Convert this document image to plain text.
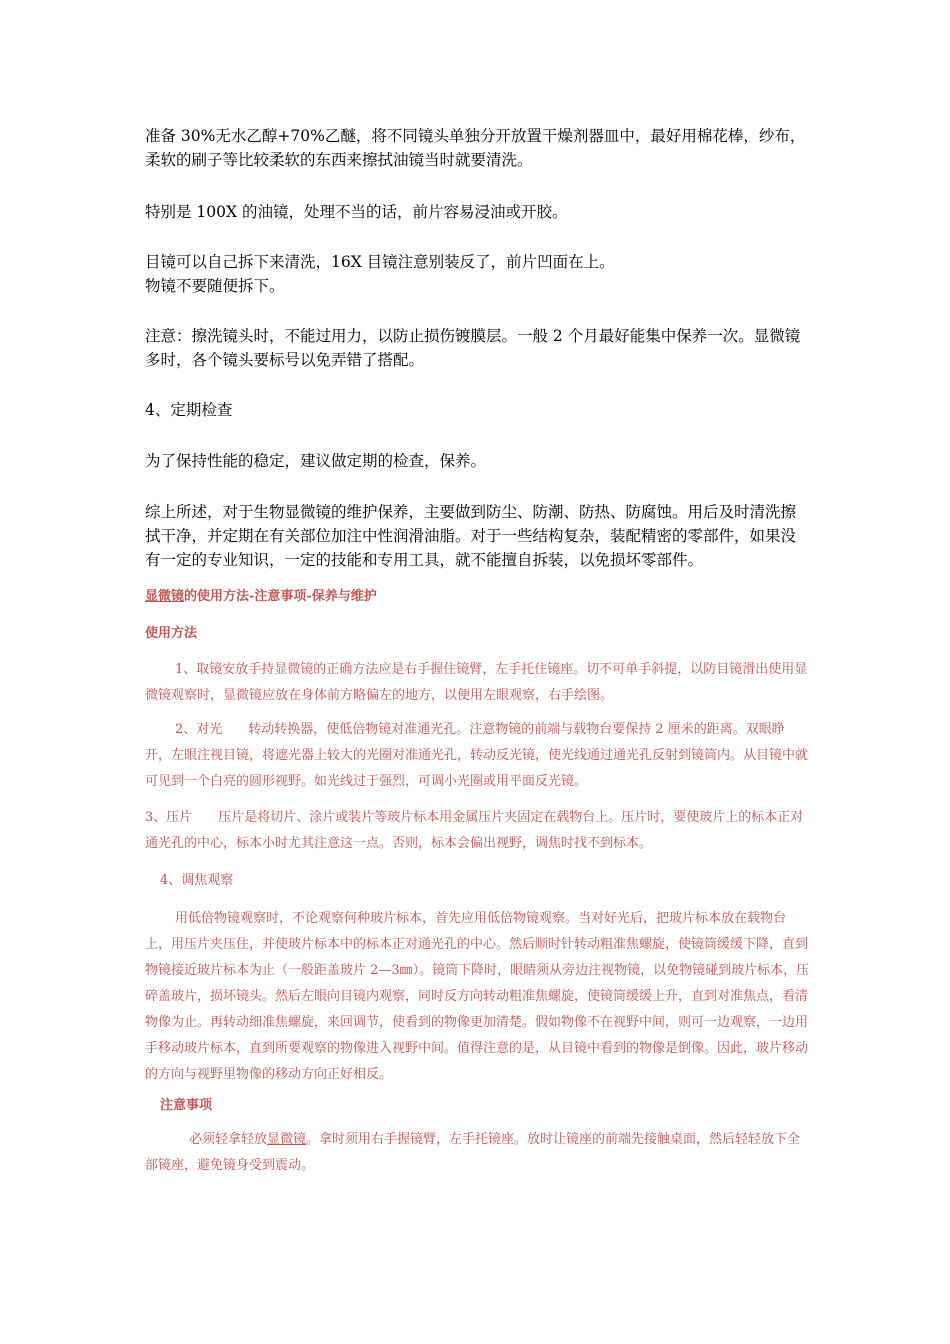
准备 30%无水乙醇+70%乙醚，将不同镜头单独分开放置干燥剂器皿中，最好用棉花棒，纱布，柔软的刷子等比较柔软的东西来擦拭油镜当时就要清洗。

特别是 100X 的油镜，处理不当的话，前片容易浸油或开胶。

目镜可以自己拆下来清洗，16X 目镜注意别装反了，前片凹面在上。

物镜不要随便拆下。

注意：擦洗镜头时，不能过用力，以防止损伤镀膜层。一般 2 个月最好能集中保养一次。显微镜多时，各个镜头要标号以免弄错了搭配。

4、定期检查

为了保持性能的稳定，建议做定期的检查，保养。

综上所述，对于生物显微镜的维护保养，主要做到防尘、防潮、防热、防腐蚀。用后及时清洗擦拭干净，并定期在有关部位加注中性润滑油脂。对于一些结构复杂，装配精密的零部件，如果没有一定的专业知识，一定的技能和专用工具，就不能擅自拆装，以免损坏零部件。

显微镜的使用方法-注意事项-保养与维护

使用方法

1、取镜安放手持显微镜的正确方法应是右手握住镜臂，左手托住镜座。切不可单手斜提，以防目镜滑出使用显微镜观察时，显微镜应放在身体前方略偏左的地方，以便用左眼观察，右手绘图。

2、对光　　转动转换器，使低倍物镜对准通光孔。注意物镜的前端与载物台要保持 2 厘米的距离。双眼睁开，左眼注视目镜，将遮光器上较大的光圈对准通光孔，转动反光镜，使光线通过通光孔反射到镜筒内。从目镜中就可见到一个白亮的圆形视野。如光线过于强烈，可调小光圈或用平面反光镜。

3、压片　　压片是将切片、涂片或装片等玻片标本用金属压片夹固定在载物台上。压片时，要使玻片上的标本正对通光孔的中心，标本小时尤其注意这一点。否则，标本会偏出视野，调焦时找不到标本。

4、调焦观察

用低倍物镜观察时，不论观察何种玻片标本，首先应用低倍物镜观察。当对好光后，把玻片标本放在载物台上，用压片夹压住，并使玻片标本中的标本正对通光孔的中心。然后顺时针转动粗准焦螺旋，使镜筒缓缓下降，直到物镜接近玻片标本为止（一般距盖玻片 2—3㎜）。镜筒下降时，眼睛须从旁边注视物镜，以免物镜碰到玻片标本，压碎盖玻片，损坏镜头。然后左眼向目镜内观察，同时反方向转动粗准焦螺旋，使镜筒缓缓上升，直到对准焦点，看清物像为止。再转动细准焦螺旋，来回调节，使看到的物像更加清楚。假如物像不在视野中间，则可一边观察，一边用手移动玻片标本，直到所要观察的物像进入视野中间。值得注意的是，从目镜中看到的物像是倒像。因此，玻片移动的方向与视野里物像的移动方向正好相反。

注意事项

必须轻拿轻放显微镜。拿时须用右手握镜臂，左手托镜座。放时让镜座的前端先接触桌面，然后轻轻放下全部镜座，避免镜身受到震动。
